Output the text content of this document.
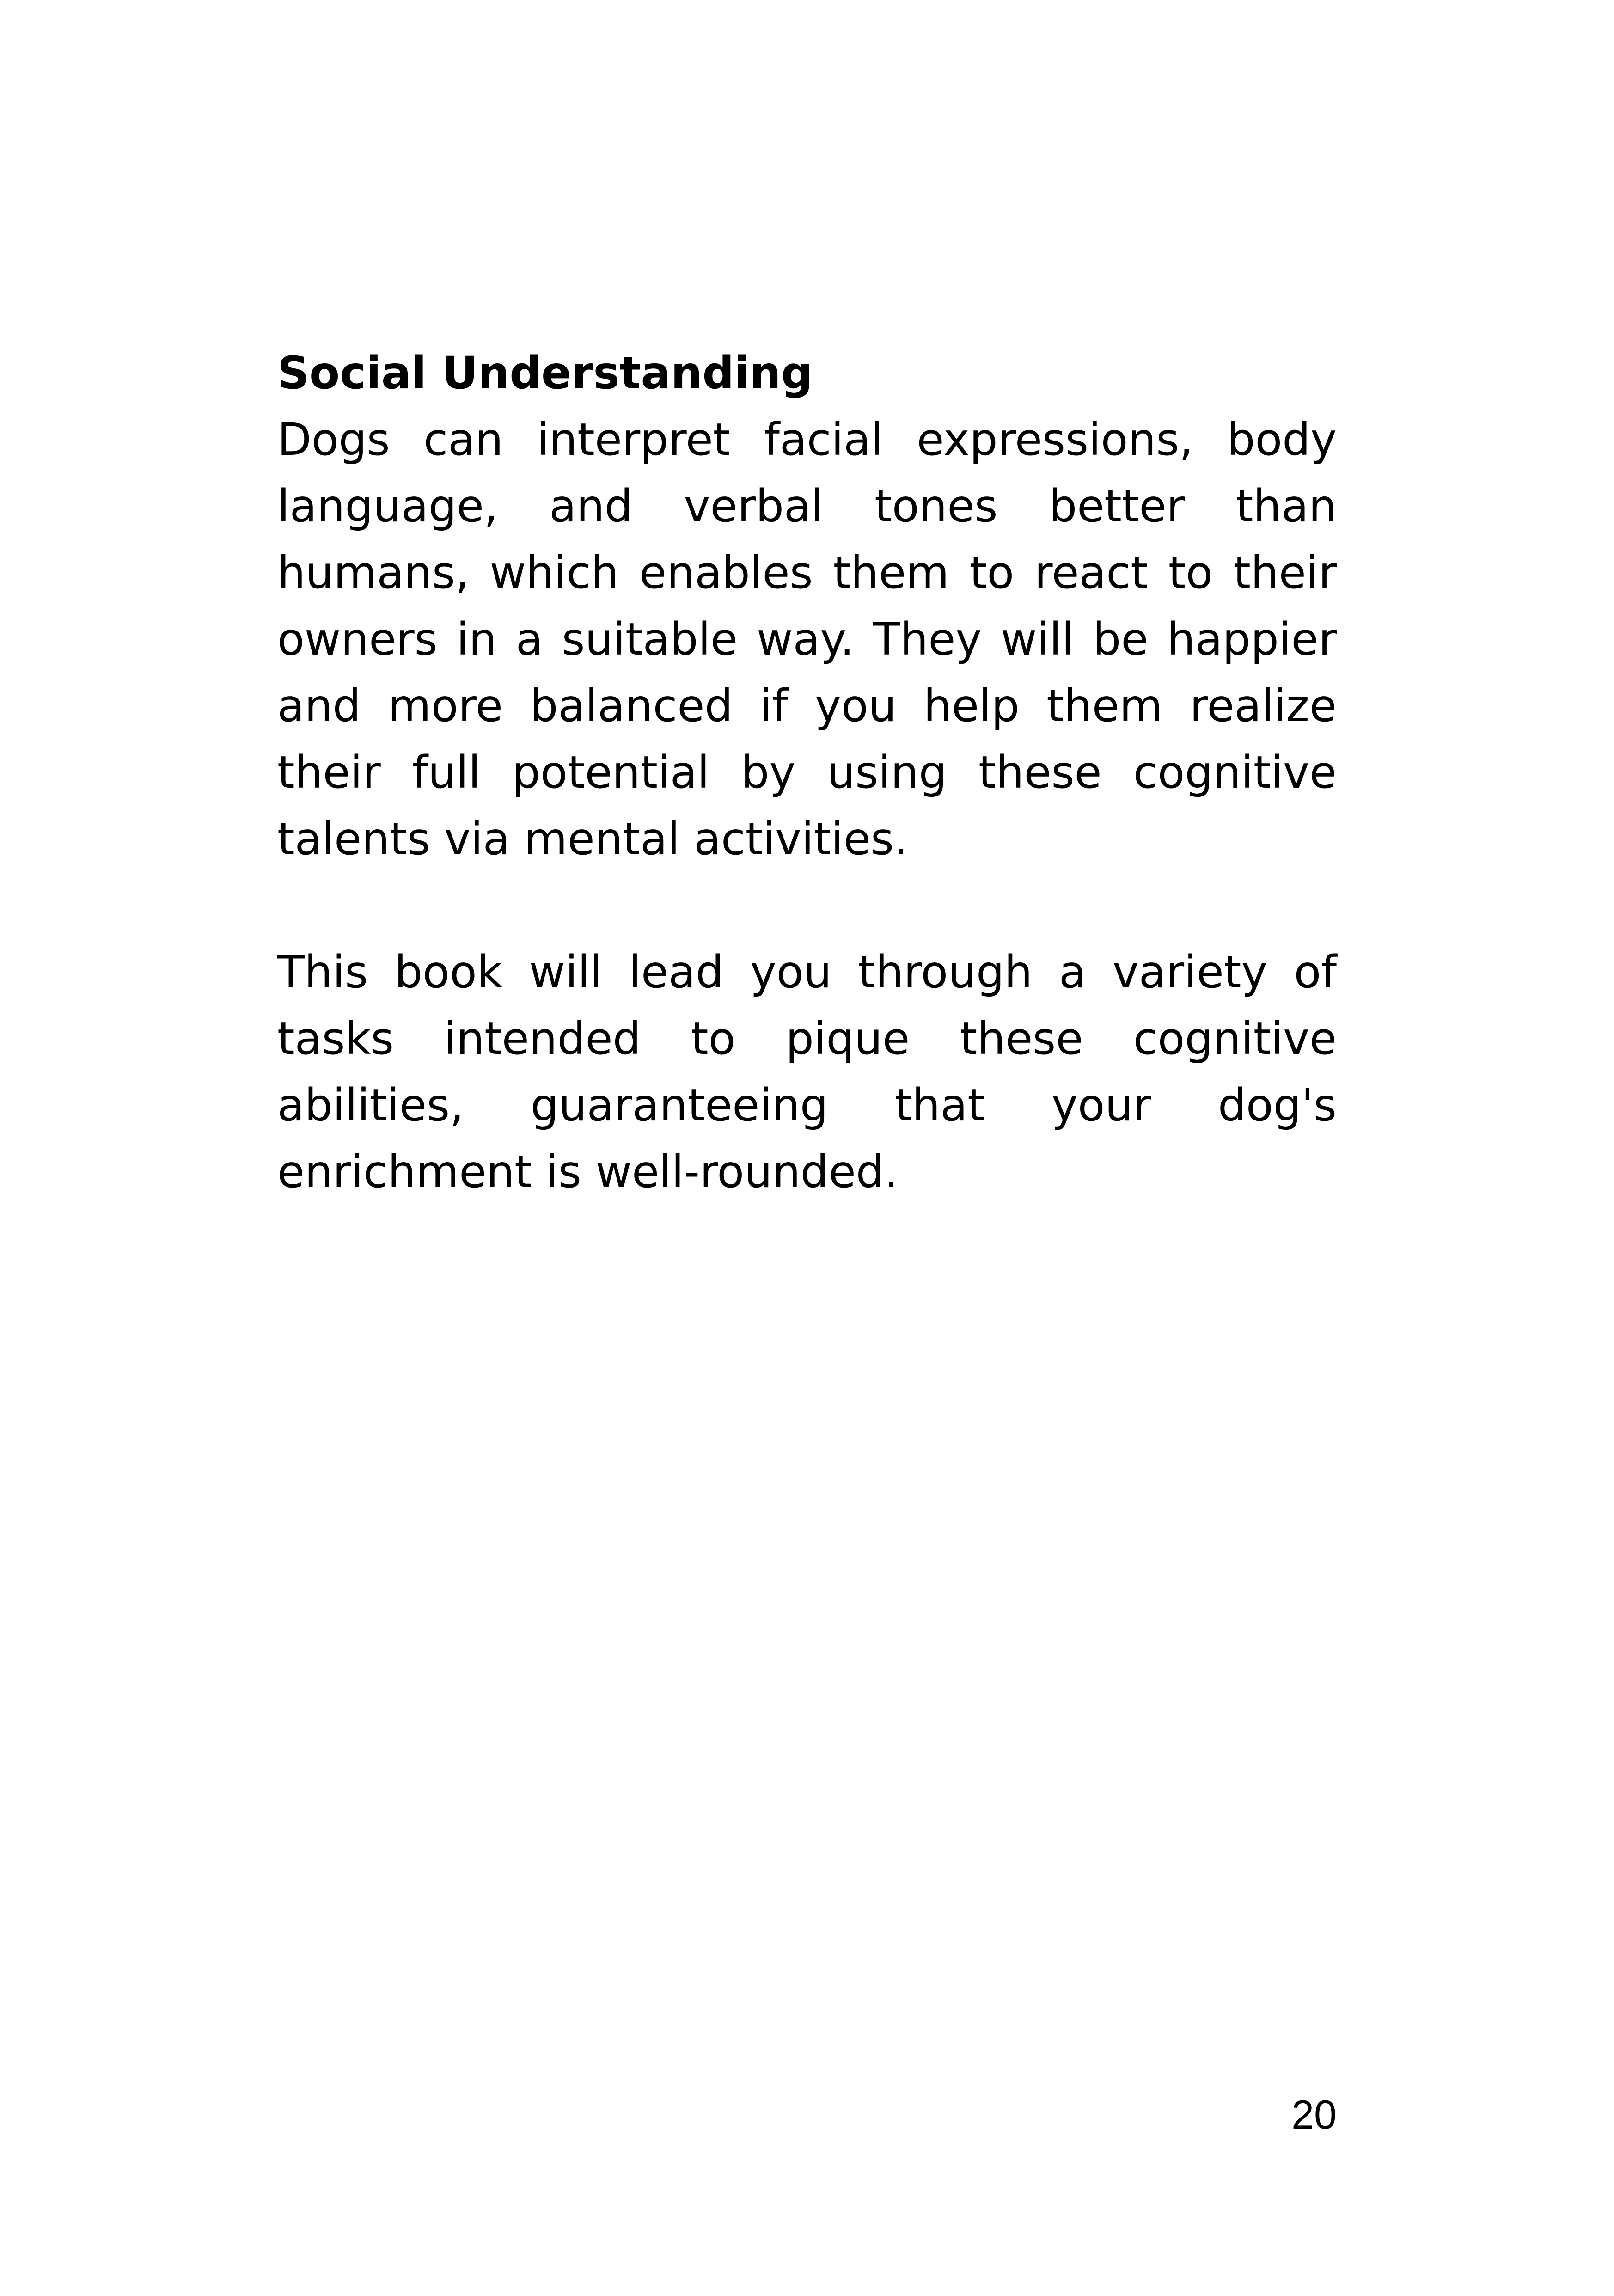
Social Understanding

Dogs can interpret facial expressions, body language, and verbal tones better than humans, which enables them to react to their owners in a suitable way. They will be happier and more balanced if you help them realize their full potential by using these cognitive talents via mental activities.

This book will lead you through a variety of tasks intended to pique these cognitive abilities, guaranteeing that your dog's enrichment is well-rounded.

20
